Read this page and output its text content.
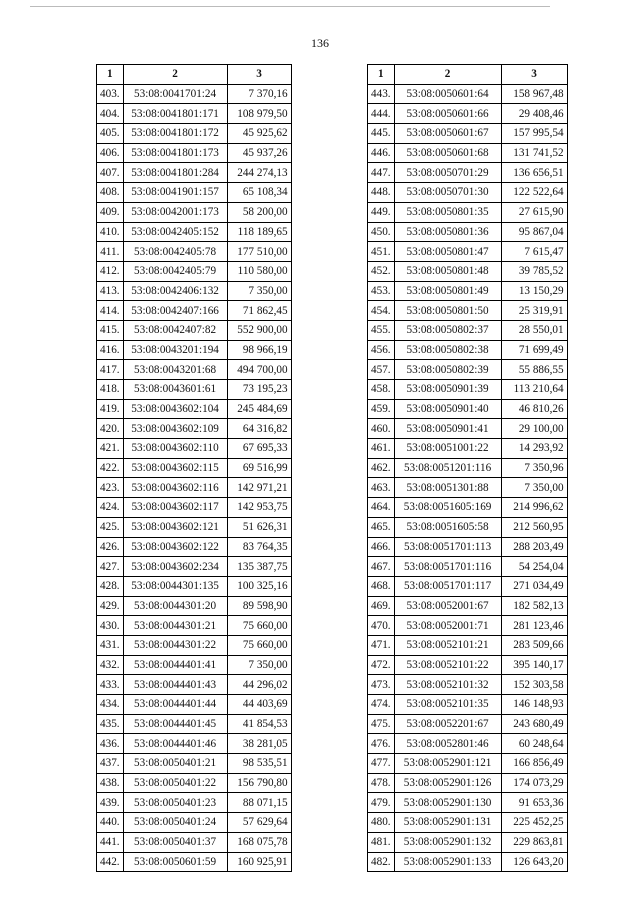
136
1	2	3
403.	53:08:0041701:24	7 370,16
404.	53:08:0041801:171	108 979,50
405.	53:08:0041801:172	45 925,62
406.	53:08:0041801:173	45 937,26
407.	53:08:0041801:284	244 274,13
408.	53:08:0041901:157	65 108,34
409.	53:08:0042001:173	58 200,00
410.	53:08:0042405:152	118 189,65
411.	53:08:0042405:78	177 510,00
412.	53:08:0042405:79	110 580,00
413.	53:08:0042406:132	7 350,00
414.	53:08:0042407:166	71 862,45
415.	53:08:0042407:82	552 900,00
416.	53:08:0043201:194	98 966,19
417.	53:08:0043201:68	494 700,00
418.	53:08:0043601:61	73 195,23
419.	53:08:0043602:104	245 484,69
420.	53:08:0043602:109	64 316,82
421.	53:08:0043602:110	67 695,33
422.	53:08:0043602:115	69 516,99
423.	53:08:0043602:116	142 971,21
424.	53:08:0043602:117	142 953,75
425.	53:08:0043602:121	51 626,31
426.	53:08:0043602:122	83 764,35
427.	53:08:0043602:234	135 387,75
428.	53:08:0044301:135	100 325,16
429.	53:08:0044301:20	89 598,90
430.	53:08:0044301:21	75 660,00
431.	53:08:0044301:22	75 660,00
432.	53:08:0044401:41	7 350,00
433.	53:08:0044401:43	44 296,02
434.	53:08:0044401:44	44 403,69
435.	53:08:0044401:45	41 854,53
436.	53:08:0044401:46	38 281,05
437.	53:08:0050401:21	98 535,51
438.	53:08:0050401:22	156 790,80
439.	53:08:0050401:23	88 071,15
440.	53:08:0050401:24	57 629,64
441.	53:08:0050401:37	168 075,78
442.	53:08:0050601:59	160 925,91
1	2	3
443.	53:08:0050601:64	158 967,48
444.	53:08:0050601:66	29 408,46
445.	53:08:0050601:67	157 995,54
446.	53:08:0050601:68	131 741,52
447.	53:08:0050701:29	136 656,51
448.	53:08:0050701:30	122 522,64
449.	53:08:0050801:35	27 615,90
450.	53:08:0050801:36	95 867,04
451.	53:08:0050801:47	7 615,47
452.	53:08:0050801:48	39 785,52
453.	53:08:0050801:49	13 150,29
454.	53:08:0050801:50	25 319,91
455.	53:08:0050802:37	28 550,01
456.	53:08:0050802:38	71 699,49
457.	53:08:0050802:39	55 886,55
458.	53:08:0050901:39	113 210,64
459.	53:08:0050901:40	46 810,26
460.	53:08:0050901:41	29 100,00
461.	53:08:0051001:22	14 293,92
462.	53:08:0051201:116	7 350,96
463.	53:08:0051301:88	7 350,00
464.	53:08:0051605:169	214 996,62
465.	53:08:0051605:58	212 560,95
466.	53:08:0051701:113	288 203,49
467.	53:08:0051701:116	54 254,04
468.	53:08:0051701:117	271 034,49
469.	53:08:0052001:67	182 582,13
470.	53:08:0052001:71	281 123,46
471.	53:08:0052101:21	283 509,66
472.	53:08:0052101:22	395 140,17
473.	53:08:0052101:32	152 303,58
474.	53:08:0052101:35	146 148,93
475.	53:08:0052201:67	243 680,49
476.	53:08:0052801:46	60 248,64
477.	53:08:0052901:121	166 856,49
478.	53:08:0052901:126	174 073,29
479.	53:08:0052901:130	91 653,36
480.	53:08:0052901:131	225 452,25
481.	53:08:0052901:132	229 863,81
482.	53:08:0052901:133	126 643,20
